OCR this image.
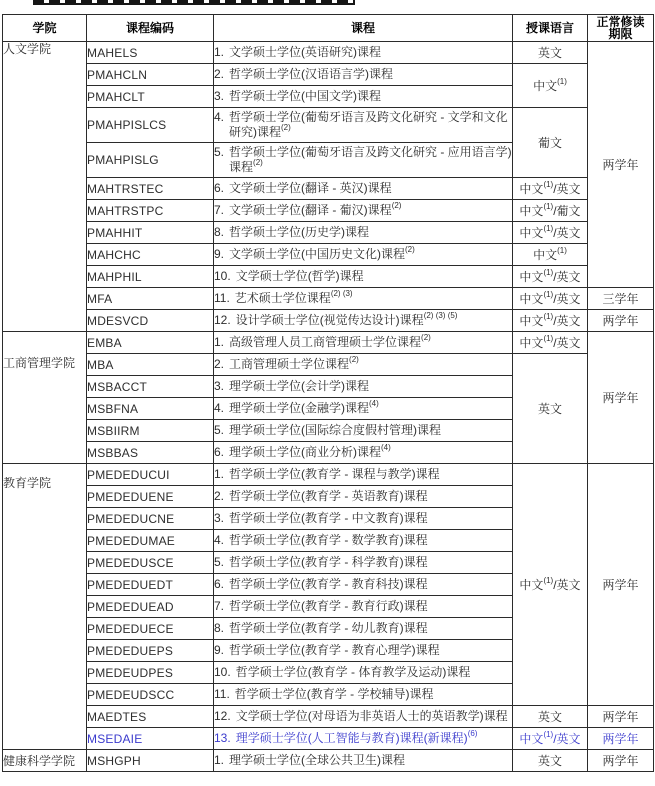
学院	课程编码	课程	授课语言	正常修读
期限

人文学院	MAHELS	1. 文学硕士学位(英语研究)课程	英文	两学年
	PMAHCLN	2. 哲学硕士学位(汉语语言学)课程	中文$^{(1)}$
	PMAHCLT	3. 哲学硕士学位(中国文学)课程		

	PMAHPISLCS	4. 哲学硕士学位(葡萄牙语言及跨文化研究 - 文学和文化研究)课程$^{(2)}$	葡文	
	PMAHPISLG	5. 哲学硕士学位(葡萄牙语言及跨文化研究 - 应用语言学)课程$^{(2)}$

	MAHTRSTEC	6. 文学硕士学位(翻译 - 英汉)课程	中文$^{(1)}$/英文	
	MAHTRSTPC	7. 文学硕士学位(翻译 - 葡汉)课程$^{(2)}$	中文$^{(1)}$/葡文	
	PMAHHIT	8. 哲学硕士学位(历史学)课程	中文$^{(1)}$/英文	
	MAHCHC	9. 文学硕士学位(中国历史文化)课程$^{(2)}$	中文$^{(1)}$
	MAHPHIL	10. 文学硕士学位(哲学)课程	中文$^{(1)}$/英文	
	MFA	11. 艺术硕士学位课程$^{(2) (3)}$	中文$^{(1)}$/英文	三学年
	MDESVCD	12. 设计学硕士学位(视觉传达设计)课程$^{(2) (3) (5)}$	中文$^{(1)}$/英文	两学年
工商管理学院	EMBA	1. 高级管理人员工商管理硕士学位课程$^{(2)}$	中文$^{(1)}$/英文	两学年
	MBA	2. 工商管理硕士学位课程$^{(2)}$	英文	
	MSBACCT	3. 理学硕士学位(会计学)课程		

	MSBFNA	4. 理学硕士学位(金融学)课程$^{(4)}$

	MSBIIRM	5. 理学硕士学位(国际综合度假村管理)课程		

	MSBBAS	6. 理学硕士学位(商业分析)课程$^{(4)}$

教育学院	PMEDEDUCUI	1. 哲学硕士学位(教育学 - 课程与教学)课程	中文$^{(1)}$/英文	两学年
	PMEDEDUENE	2. 哲学硕士学位(教育学 - 英语教育)课程		

	PMEDEDUCNE	3. 哲学硕士学位(教育学 - 中文教育)课程		

	PMEDEDUMAE	4. 哲学硕士学位(教育学 - 数学教育)课程		

	PMEDEDUSCE	5. 哲学硕士学位(教育学 - 科学教育)课程		

	PMEDEDUEDT	6. 哲学硕士学位(教育学 - 教育科技)课程		

	PMEDEDUEAD	7. 哲学硕士学位(教育学 - 教育行政)课程		

	PMEDEDUECE	8. 哲学硕士学位(教育学 - 幼儿教育)课程		

	PMEDEDUEPS	9. 哲学硕士学位(教育学 - 教育心理学)课程		

	PMEDEUDPES	10. 哲学硕士学位(教育学 - 体育教学及运动)课程		

	PMEDEUDSCC	11. 哲学硕士学位(教育学 - 学校辅导)课程		

	MAEDTES	12. 文学硕士学位(对母语为非英语人士的英语教学)课程	英文	两学年
	MSEDAIE	13. 理学硕士学位(人工智能与教育)课程(新课程)$^{(6)}$	中文$^{(1)}$/英文	两学年
健康科学学院	MSHGPH	1. 理学硕士学位(全球公共卫生)课程	英文	两学年
